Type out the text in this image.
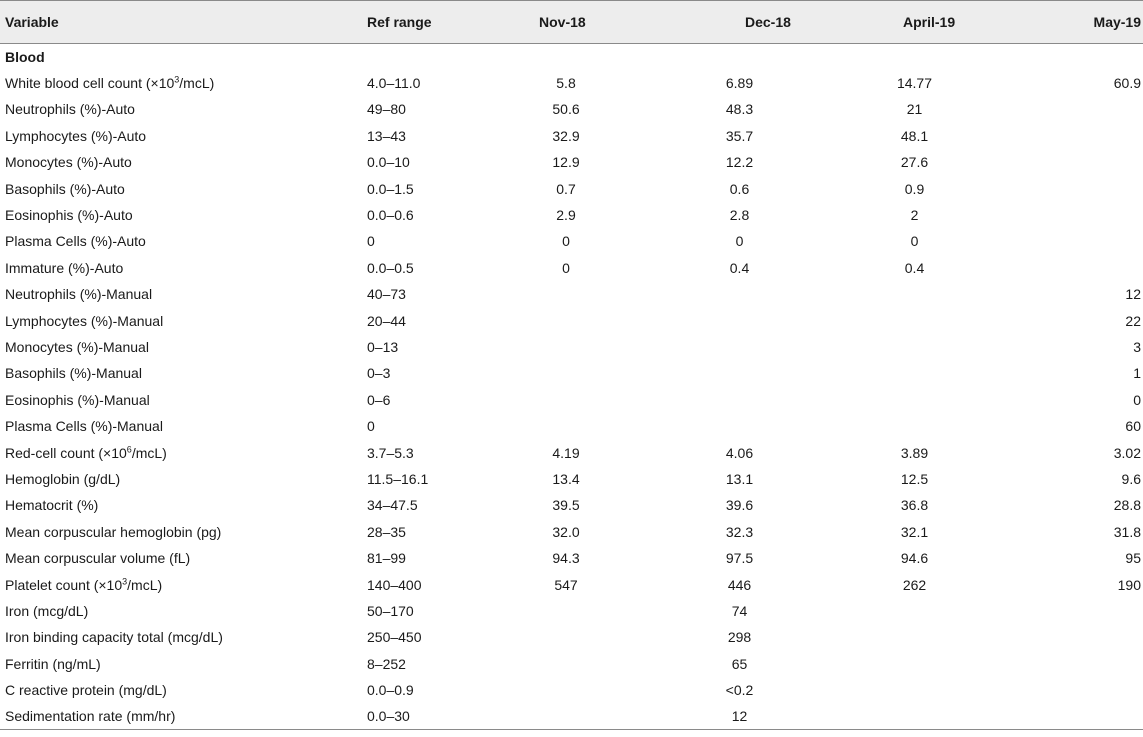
Variable	Ref range	Nov-18	Dec-18	April-19	May-19
Blood					
White blood cell count $(\times 10^3/mcL)$	4.0–11.0	5.8	6.89	14.77	60.9
Neutrophils (%)-Auto	49–80	50.6	48.3	21	
Lymphocytes (%)-Auto	13–43	32.9	35.7	48.1	
Monocytes (%)-Auto	0.0–10	12.9	12.2	27.6	
Basophils (%)-Auto	0.0–1.5	0.7	0.6	0.9	
Eosinophis (%)-Auto	0.0–0.6	2.9	2.8	2	
Plasma Cells (%)-Auto	0	0	0	0	
Immature (%)-Auto	0.0–0.5	0	0.4	0.4	
Neutrophils (%)-Manual	40–73				12
Lymphocytes (%)-Manual	20–44				22
Monocytes (%)-Manual	0–13				3
Basophils (%)-Manual	0–3				1
Eosinophis (%)-Manual	0–6				0
Plasma Cells (%)-Manual	0				60
Red-cell count $(\times 10^6/mcL)$	3.7–5.3	4.19	4.06	3.89	3.02
Hemoglobin (g/dL)	11.5–16.1	13.4	13.1	12.5	9.6
Hematocrit (%)	34–47.5	39.5	39.6	36.8	28.8
Mean corpuscular hemoglobin (pg)	28–35	32.0	32.3	32.1	31.8
Mean corpuscular volume (fL)	81–99	94.3	97.5	94.6	95
Platelet count $(\times 10^3/mcL)$	140–400	547	446	262	190
Iron (mcg/dL)	50–170		74		
Iron binding capacity total (mcg/dL)	250–450		298		
Ferritin (ng/mL)	8–252		65		
C reactive protein (mg/dL)	0.0–0.9		<0.2		
Sedimentation rate (mm/hr)	0.0–30		12		
